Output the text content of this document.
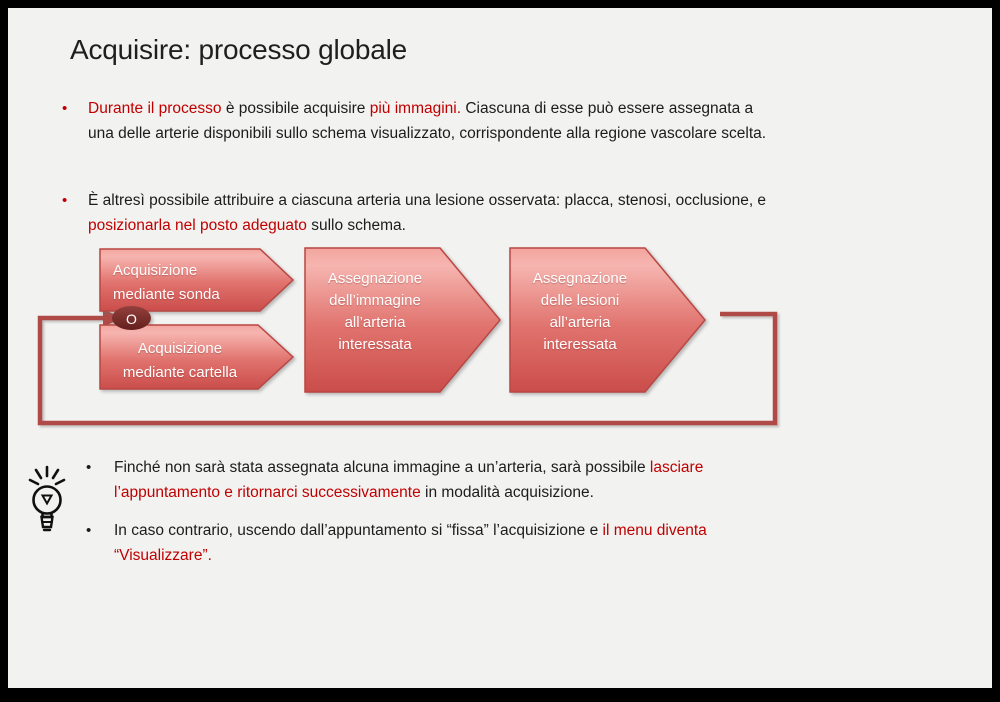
Acquisire: processo globale
•	Durante il processo è possibile acquisire più immagini. Ciascuna di esse può essere assegnata a una delle arterie disponibili sullo schema visualizzato, corrispondente alla regione vascolare scelta.
•	È altresì possibile attribuire a ciascuna arteria una lesione osservata: placca, stenosi, occlusione, e posizionarla nel posto adeguato sullo schema.
Acquisizione
mediante sonda
Acquisizione
mediante cartella
Assegnazione
dell’immagine
all’arteria
interessata
Assegnazione
delle lesioni
all’arteria
interessata
O
•	Finché non sarà stata assegnata alcuna immagine a un’arteria, sarà possibile lasciare l’appuntamento e ritornarci successivamente in modalità acquisizione.
•	In caso contrario, uscendo dall’appuntamento si “fissa” l’acquisizione e il menu diventa “Visualizzare”.
